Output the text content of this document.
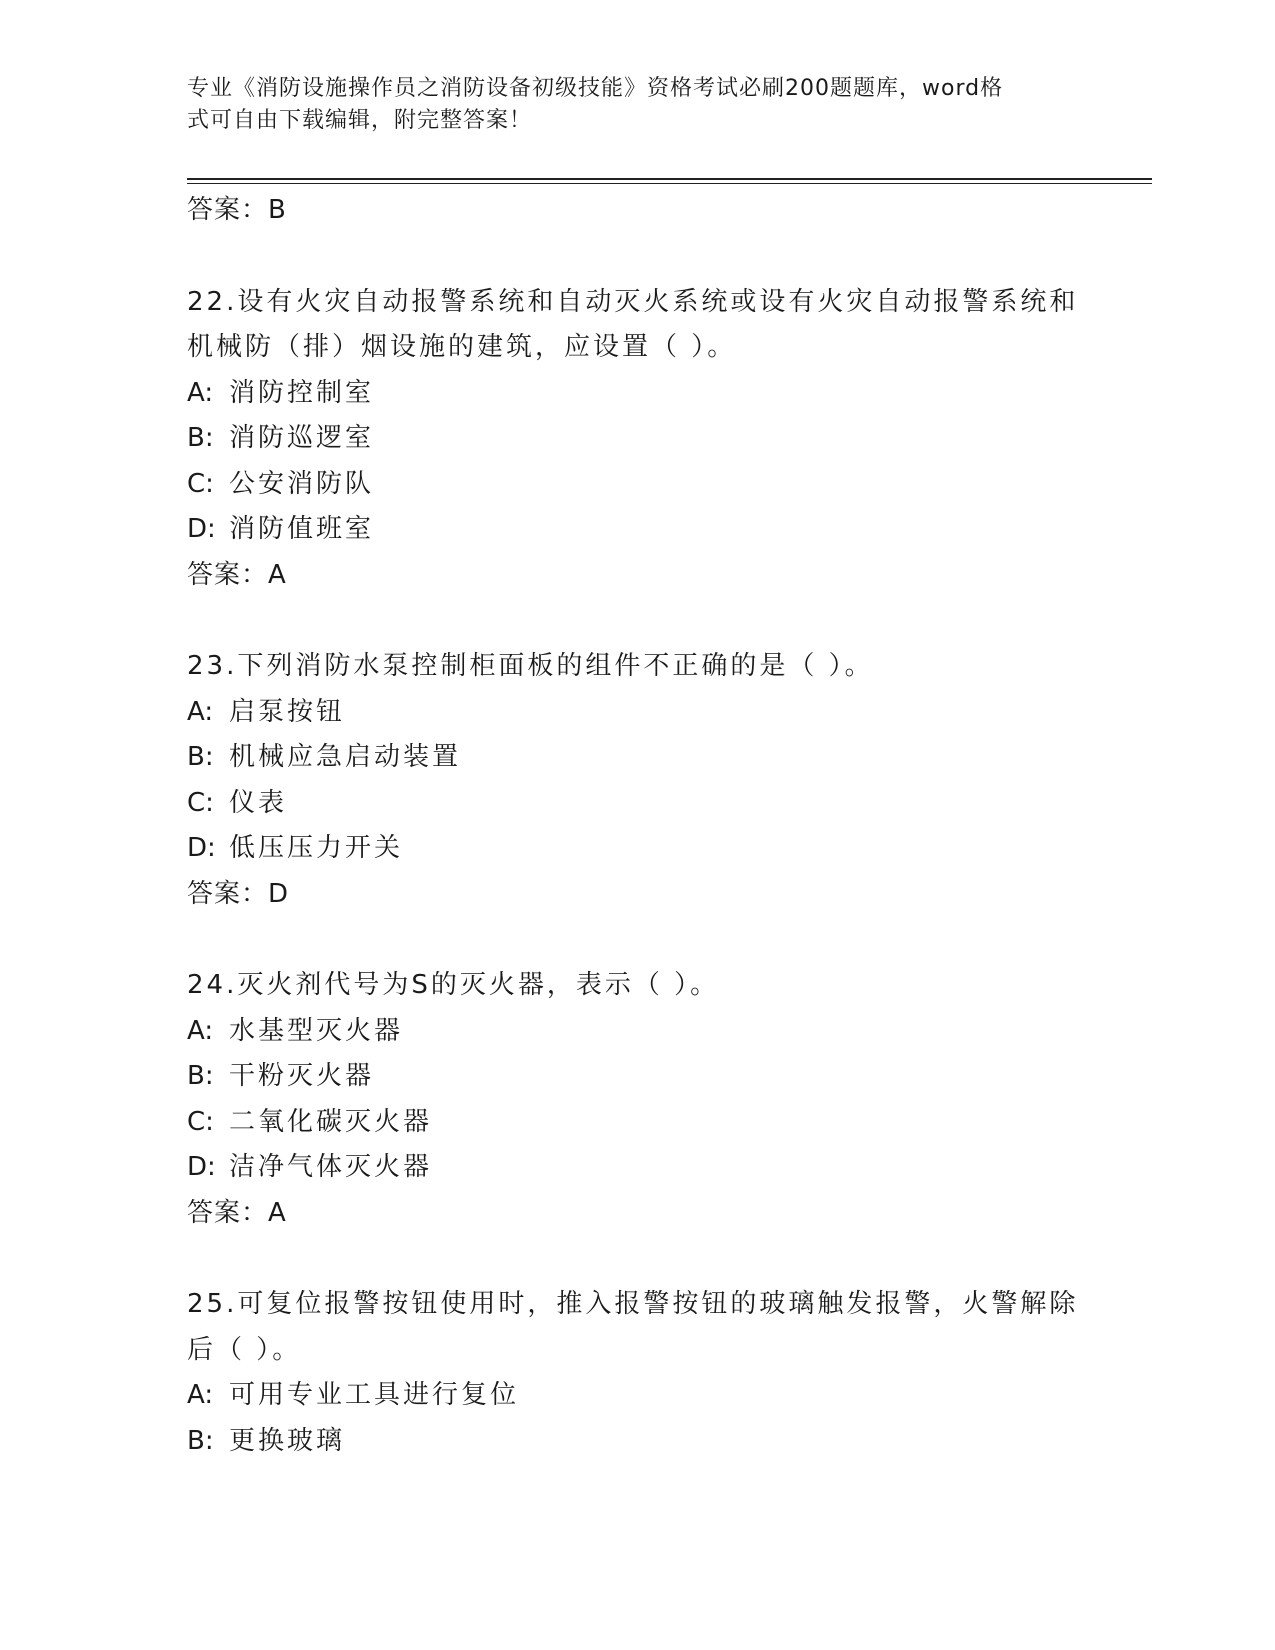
专业《消防设施操作员之消防设备初级技能》资格考试必刷200题题库，word格
式可自由下载编辑，附完整答案！
答案：B
22.设有火灾自动报警系统和自动灭火系统或设有火灾自动报警系统和
机械防（排）烟设施的建筑，应设置（ ）。
A: 消防控制室
B: 消防巡逻室
C: 公安消防队
D: 消防值班室
答案：A
23.下列消防水泵控制柜面板的组件不正确的是（ ）。
A: 启泵按钮
B: 机械应急启动装置
C: 仪表
D: 低压压力开关
答案：D
24.灭火剂代号为S的灭火器，表示（ ）。
A: 水基型灭火器
B: 干粉灭火器
C: 二氧化碳灭火器
D: 洁净气体灭火器
答案：A
25.可复位报警按钮使用时，推入报警按钮的玻璃触发报警，火警解除
后（ ）。
A: 可用专业工具进行复位
B: 更换玻璃
